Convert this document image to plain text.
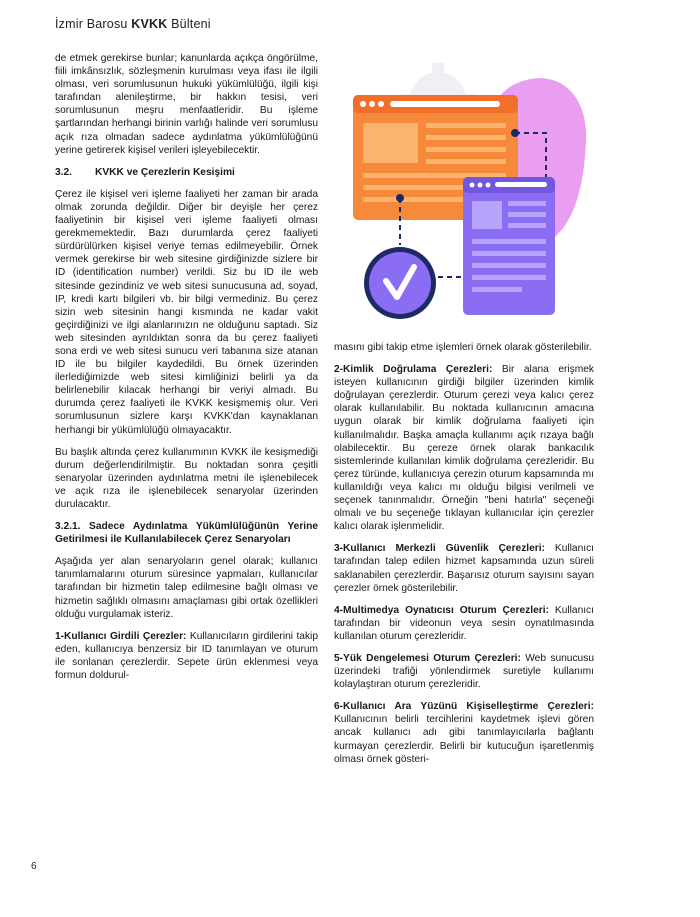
İzmir Barosu KVKK Bülteni

de etmek gerekirse bunlar; kanunlarda açıkça öngörülme, fiili imkânsızlık, sözleşmenin kurulması veya ifası ile ilgili olması, veri sorumlusunun hukuki yükümlülüğü, ilgili kişi tarafından alenileştirme, bir hakkın tesisi, veri sorumlusunun meşru menfaatleridir. Bu işleme şartlarından herhangi birinin varlığı halinde veri sorumlusu açık rıza olmadan sadece aydınlatma yükümlülüğünü yerine getirerek kişisel verileri işleyebilecektir.

3.2. KVKK ve Çerezlerin Kesişimi

Çerez ile kişisel veri işleme faaliyeti her zaman bir arada olmak zorunda değildir. Diğer bir deyişle her çerez faaliyetinin bir kişisel veri işleme faaliyeti olması gerekmemektedir. Bazı durumlarda çerez faaliyeti sürdürülürken kişisel veriye temas edilmeyebilir. Örnek vermek gerekirse bir web sitesine girdiğinizde sizlere bir ID (identification number) verildi. Siz bu ID ile web sitesinde gezindiniz ve web sitesi sunucusuna ad, soyad, IP, kredi kartı bilgileri vb. bir bilgi vermediniz. Bu çerez sizin web sitesinin hangi kısmında ne kadar vakit geçirdiğinizi ve ilgi alanlarınızın ne olduğunu saptadı. Siz web sitesinden ayrıldıktan sonra da bu çerez faaliyeti sona erdi ve web sitesi sunucu veri tabanına size atanan ID ile bu bilgiler kaydedildi. Bu örnek üzerinden ilerlediğimizde web sitesi kimliğinizi belirli ya da belirlenebilir kılacak herhangi bir veriyi almadı. Bu durumda çerez faaliyeti ile KVKK kesişmemiş olur. Veri sorumlusunun sizlere karşı KVKK'dan kaynaklanan herhangi bir yükümlülüğü olmayacaktır.

Bu başlık altında çerez kullanımının KVKK ile kesişmediği durum değerlendirilmiştir. Bu noktadan sonra çeşitli senaryolar üzerinden aydınlatma metni ile işlenebilecek ve açık rıza ile işlenebilecek senaryolar üzerinden durulacaktır.

3.2.1. Sadece Aydınlatma Yükümlülüğünün Yerine Getirilmesi ile Kullanılabilecek Çerez Senaryoları

Aşağıda yer alan senaryoların genel olarak; kullanıcı tanımlamalarını oturum süresince yapmaları, kullanıcılar tarafından bir hizmetin talep edilmesine bağlı olması ve hizmetin sağlıklı olmasını amaçlaması gibi ortak özellikleri olduğu vurgulamak isteriz.

1-Kullanıcı Girdili Çerezler: Kullanıcıların girdilerini takip eden, kullanıcıya benzersiz bir ID tanımlayan ve oturum ile sonlanan çerezlerdir. Sepete ürün eklenmesi veya formun doldurul-

masını gibi takip etme işlemleri örnek olarak gösterilebilir.

2-Kimlik Doğrulama Çerezleri: Bir alana erişmek isteyen kullanıcının girdiği bilgiler üzerinden kimlik doğrulayan çerezlerdir. Oturum çerezi veya kalıcı çerez olarak kullanılabilir. Bu noktada kullanıcının amacına uygun olarak bir kimlik doğrulama faaliyeti için kullanılmalıdır. Başka amaçla kullanımı açık rızaya bağlı olabilecektir. Bu çereze örnek olarak bankacılık sistemlerinde kullanılan kimlik doğrulama çerezleridir. Bu çerez türünde, kullanıcıya çerezin oturum kapsamında mı kullanıldığı veya kalıcı mı olduğu bilgisi verilmeli ve seçenek tanınmalıdır. Örneğin "beni hatırla" seçeneği olmalı ve bu seçeneğe tıklayan kullanıcılar için çerezler kalıcı olarak işlenmelidir.

3-Kullanıcı Merkezli Güvenlik Çerezleri: Kullanıcı tarafından talep edilen hizmet kapsamında uzun süreli saklanabilen çerezlerdir. Başarısız oturum sayısını sayan çerezler örnek gösterilebilir.

4-Multimedya Oynatıcısı Oturum Çerezleri: Kullanıcı tarafından bir videonun veya sesin oynatılmasında kullanılan oturum çerezleridir.

5-Yük Dengelemesi Oturum Çerezleri: Web sunucusu üzerindeki trafiği yönlendirmek suretiyle kullanımı kolaylaştıran oturum çerezleridir.

6-Kullanıcı Ara Yüzünü Kişiselleştirme Çerezleri: Kullanıcının belirli tercihlerini kaydetmek işlevi gören ancak kullanıcı adı gibi tanımlayıcılarla bağlantı kurmayan çerezlerdir. Belirli bir kutucuğun işaretlenmiş olması örnek gösteri-

6
